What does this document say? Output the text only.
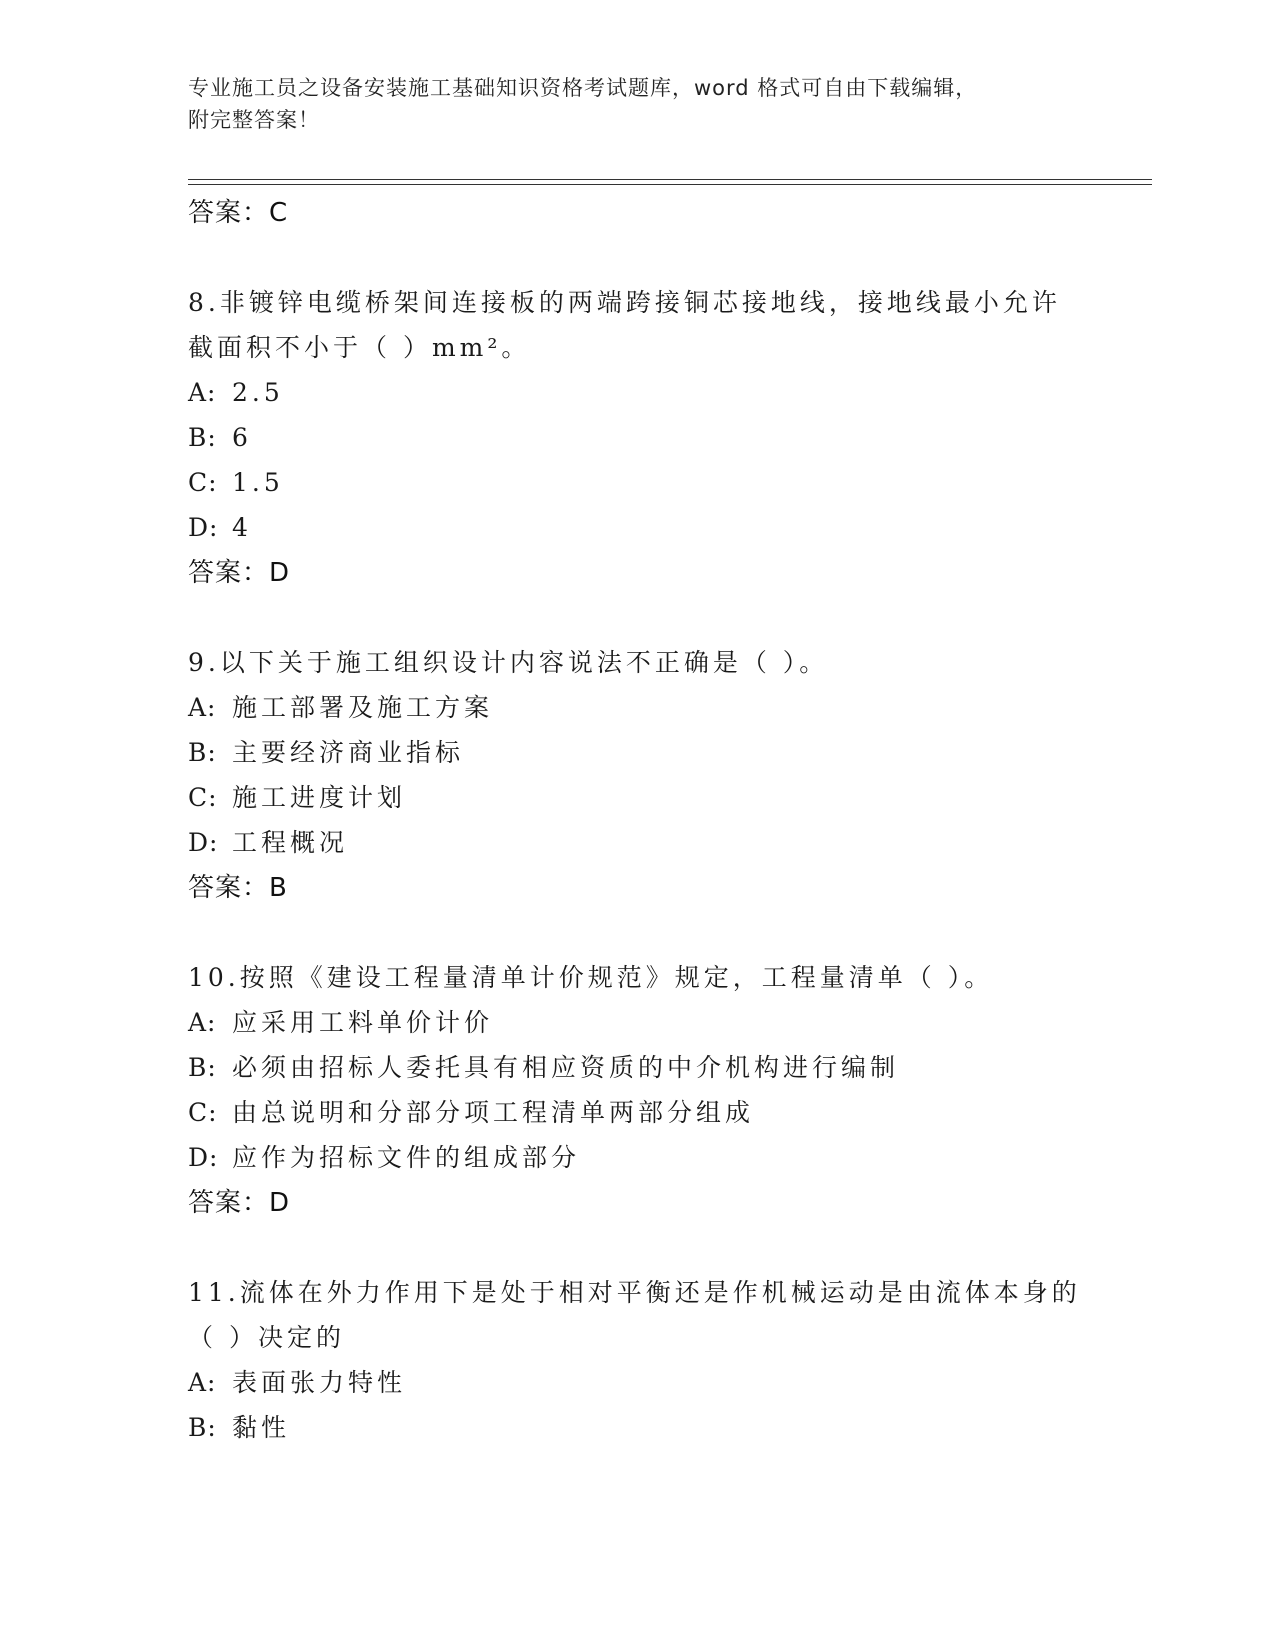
专业施工员之设备安装施工基础知识资格考试题库，word 格式可自由下载编辑，

附完整答案！

答案：C
8.非镀锌电缆桥架间连接板的两端跨接铜芯接地线，接地线最小允许
截面积不小于（ ）mm²。
A: 2.5
B: 6
C: 1.5
D: 4
答案：D
9.以下关于施工组织设计内容说法不正确是（ ）。
A: 施工部署及施工方案
B: 主要经济商业指标
C: 施工进度计划
D: 工程概况
答案：B
10.按照《建设工程量清单计价规范》规定，工程量清单（ ）。
A: 应采用工料单价计价
B: 必须由招标人委托具有相应资质的中介机构进行编制
C: 由总说明和分部分项工程清单两部分组成
D: 应作为招标文件的组成部分
答案：D
11.流体在外力作用下是处于相对平衡还是作机械运动是由流体本身的
（ ）决定的
A: 表面张力特性
B: 黏性
